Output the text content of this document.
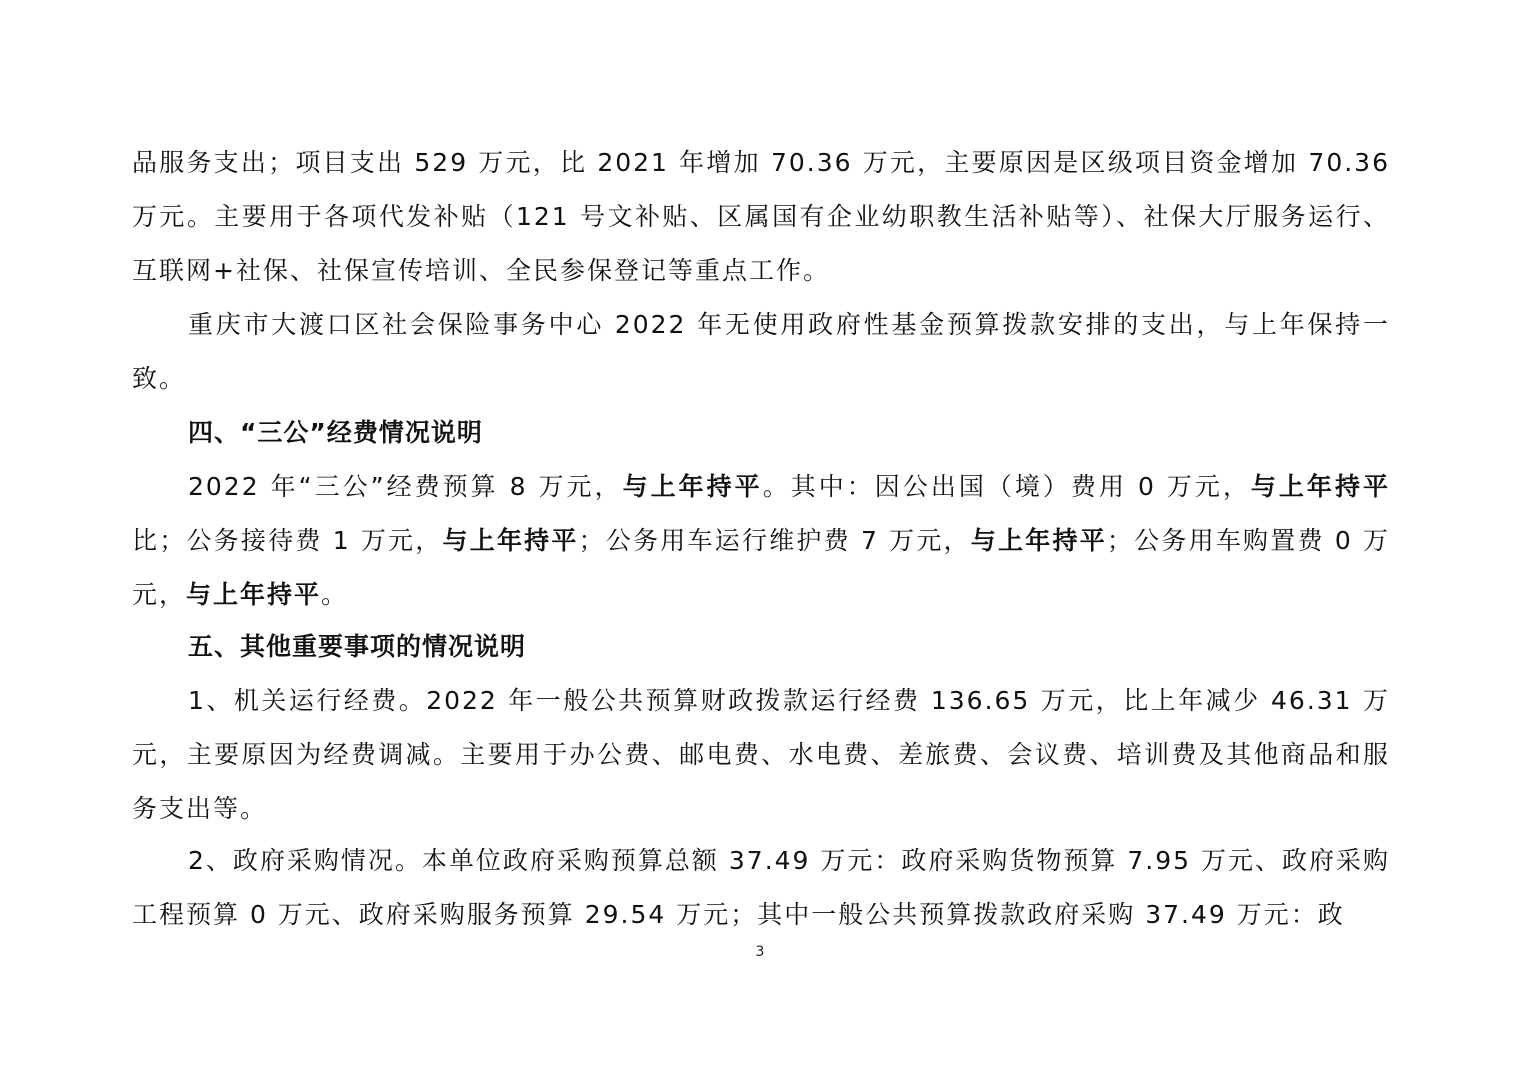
品服务支出；项目支出 529 万元，比 2021 年增加 70.36 万元，主要原因是区级项目资金增加 70.36 万元。主要用于各项代发补贴（121 号文补贴、区属国有企业幼职教生活补贴等）、社保大厅服务运行、互联网+社保、社保宣传培训、全民参保登记等重点工作。

重庆市大渡口区社会保险事务中心 2022 年无使用政府性基金预算拨款安排的支出，与上年保持一致。

四、“三公”经费情况说明

2022 年“三公”经费预算 8 万元，与上年持平。其中：因公出国（境）费用 0 万元，与上年持平比；公务接待费 1 万元，与上年持平；公务用车运行维护费 7 万元，与上年持平；公务用车购置费 0 万元，与上年持平。

五、其他重要事项的情况说明

1、机关运行经费。2022 年一般公共预算财政拨款运行经费 136.65 万元，比上年减少 46.31 万元，主要原因为经费调减。主要用于办公费、邮电费、水电费、差旅费、会议费、培训费及其他商品和服务支出等。

2、政府采购情况。本单位政府采购预算总额 37.49 万元：政府采购货物预算 7.95 万元、政府采购工程预算 0 万元、政府采购服务预算 29.54 万元；其中一般公共预算拨款政府采购 37.49 万元：政

3
